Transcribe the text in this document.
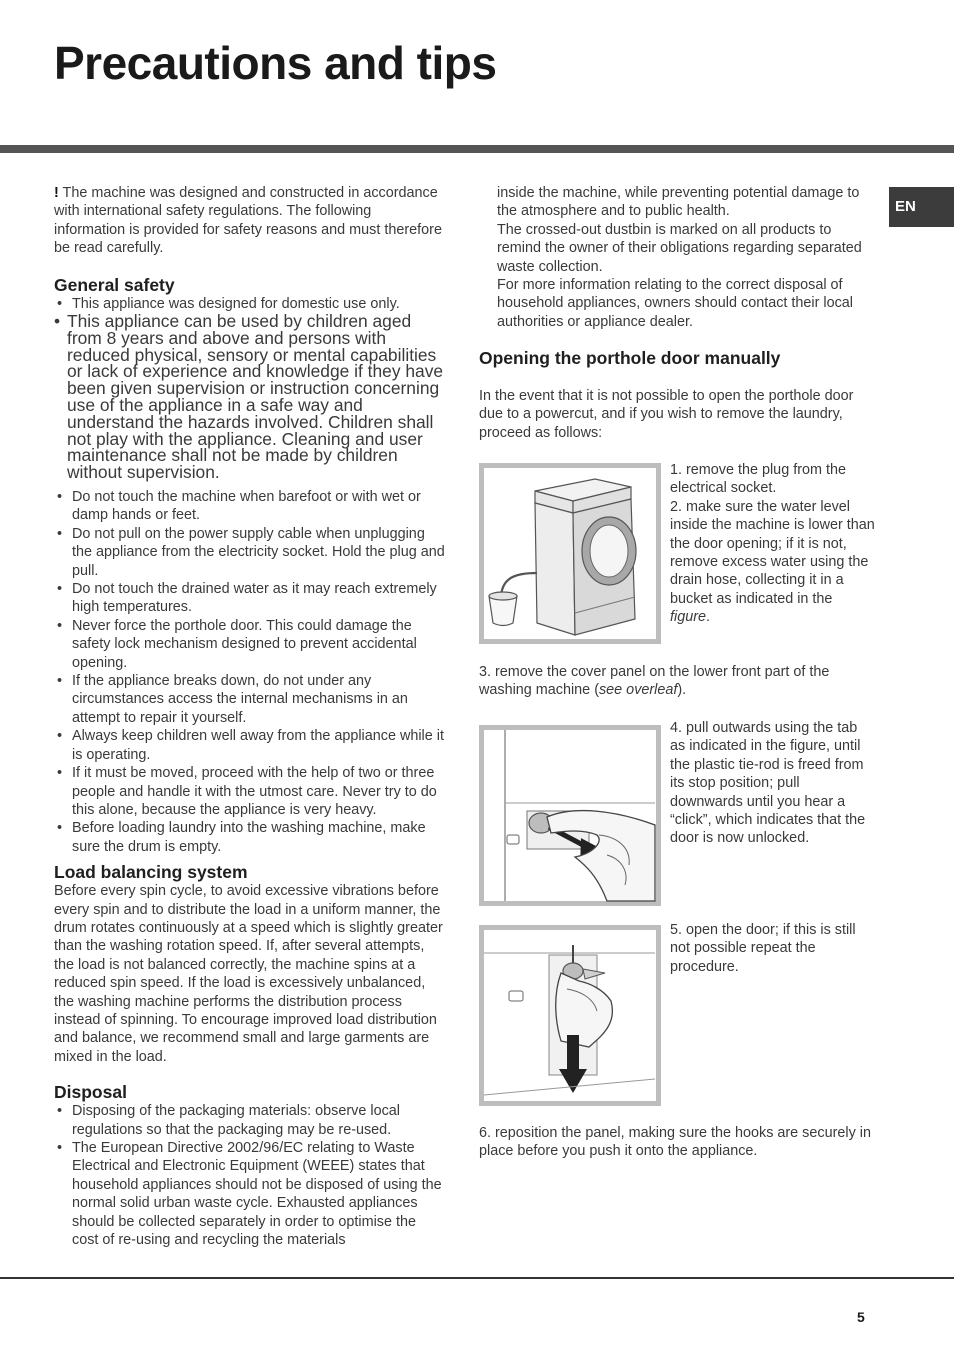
Precautions and tips
EN

! The machine was designed and constructed in accordance with international safety regulations. The following information is provided for safety reasons and must therefore be read carefully.

General safety
• This appliance was designed for domestic use only.
• This appliance can be used by children aged from 8 years and above and persons with reduced physical, sensory or mental capabilities or lack of experience and knowledge if they have been given supervision or instruction concerning use of the appliance in a safe way and understand the hazards involved. Children shall not play with the appliance. Cleaning and user maintenance shall not be made by children without supervision.
• Do not touch the machine when barefoot or with wet or damp hands or feet.
• Do not pull on the power supply cable when unplugging the appliance from the electricity socket. Hold the plug and pull.
• Do not touch the drained water as it may reach extremely high temperatures.
• Never force the porthole door. This could damage the safety lock mechanism designed to prevent accidental opening.
• If the appliance breaks down, do not under any circumstances access the internal mechanisms in an attempt to repair it yourself.
• Always keep children well away from the appliance while it is operating.
• If it must be moved, proceed with the help of two or three people and handle it with the utmost care. Never try to do this alone, because the appliance is very heavy.
• Before loading laundry into the washing machine, make sure the drum is empty.
Load balancing system

Before every spin cycle, to avoid excessive vibrations before every spin and to distribute the load in a uniform manner, the drum rotates continuously at a speed which is slightly greater than the washing rotation speed. If, after several attempts, the load is not balanced correctly, the machine spins at a reduced spin speed. If the load is excessively unbalanced, the washing machine performs the distribution process instead of spinning. To encourage improved load distribution and balance, we recommend small and large garments are mixed in the load.

Disposal
• Disposing of the packaging materials: observe local regulations so that the packaging may be re-used.
• The European Directive 2002/96/EC relating to Waste Electrical and Electronic Equipment (WEEE) states that household appliances should not be disposed of using the normal solid urban waste cycle. Exhausted appliances should be collected separately in order to optimise the cost of re-using and recycling the materials

inside the machine, while preventing potential damage to the atmosphere and to public health.

The crossed-out dustbin is marked on all products to remind the owner of their obligations regarding separated waste collection.

For more information relating to the correct disposal of household appliances, owners should contact their local authorities or appliance dealer.

Opening the porthole door manually

In the event that it is not possible to open the porthole door due to a powercut, and if you wish to remove the laundry, proceed as follows:

1. remove the plug from the electrical socket.

2. make sure the water level inside the machine is lower than the door opening; if it is not, remove excess water using the drain hose, collecting it in a bucket as indicated in the figure.

3. remove the cover panel on the lower front part of the washing machine (see overleaf).

4. pull outwards using the tab as indicated in the figure, until the plastic tie-rod is freed from its stop position; pull downwards until you hear a “click”, which indicates that the door is now unlocked.

5. open the door; if this is still not possible repeat the procedure.

6. reposition the panel, making sure the hooks are securely in place before you push it onto the appliance.

5
